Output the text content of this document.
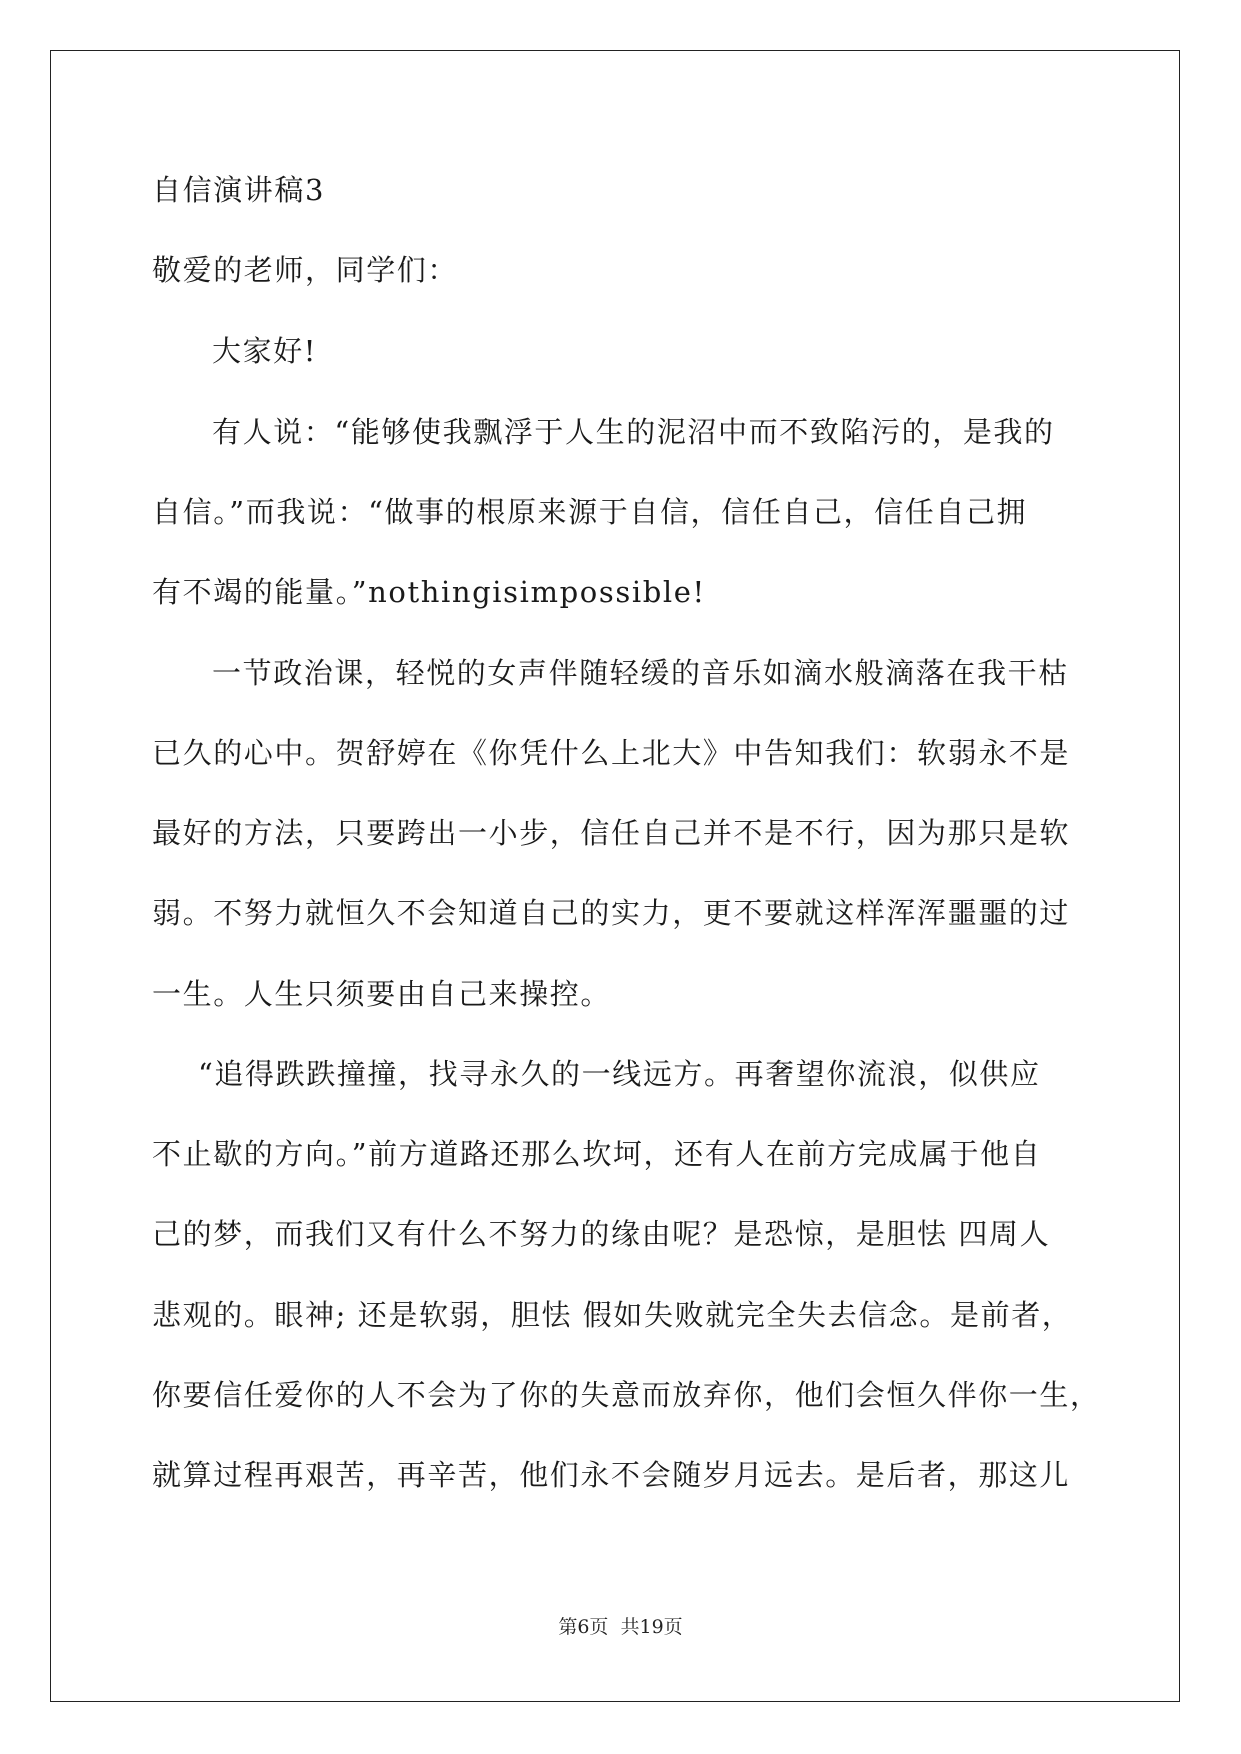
自信演讲稿3
敬爱的老师，同学们：
大家好!
有人说：“能够使我飘浮于人生的泥沼中而不致陷污的，是我的
自信。”而我说：“做事的根原来源于自信，信任自己，信任自己拥
有不竭的能量。”nothingisimpossible!
一节政治课，轻悦的女声伴随轻缓的音乐如滴水般滴落在我干枯
已久的心中。贺舒婷在《你凭什么上北大》中告知我们：软弱永不是
最好的方法，只要跨出一小步，信任自己并不是不行，因为那只是软
弱。不努力就恒久不会知道自己的实力，更不要就这样浑浑噩噩的过
一生。人生只须要由自己来操控。
“追得跌跌撞撞，找寻永久的一线远方。再奢望你流浪，似供应
不止歇的方向。”前方道路还那么坎坷，还有人在前方完成属于他自
己的梦，而我们又有什么不努力的缘由呢？是恐惊，是胆怯 四周人
悲观的。眼神; 还是软弱，胆怯 假如失败就完全失去信念。是前者，
你要信任爱你的人不会为了你的失意而放弃你，他们会恒久伴你一生，
就算过程再艰苦，再辛苦，他们永不会随岁月远去。是后者，那这儿
第6页  共19页
